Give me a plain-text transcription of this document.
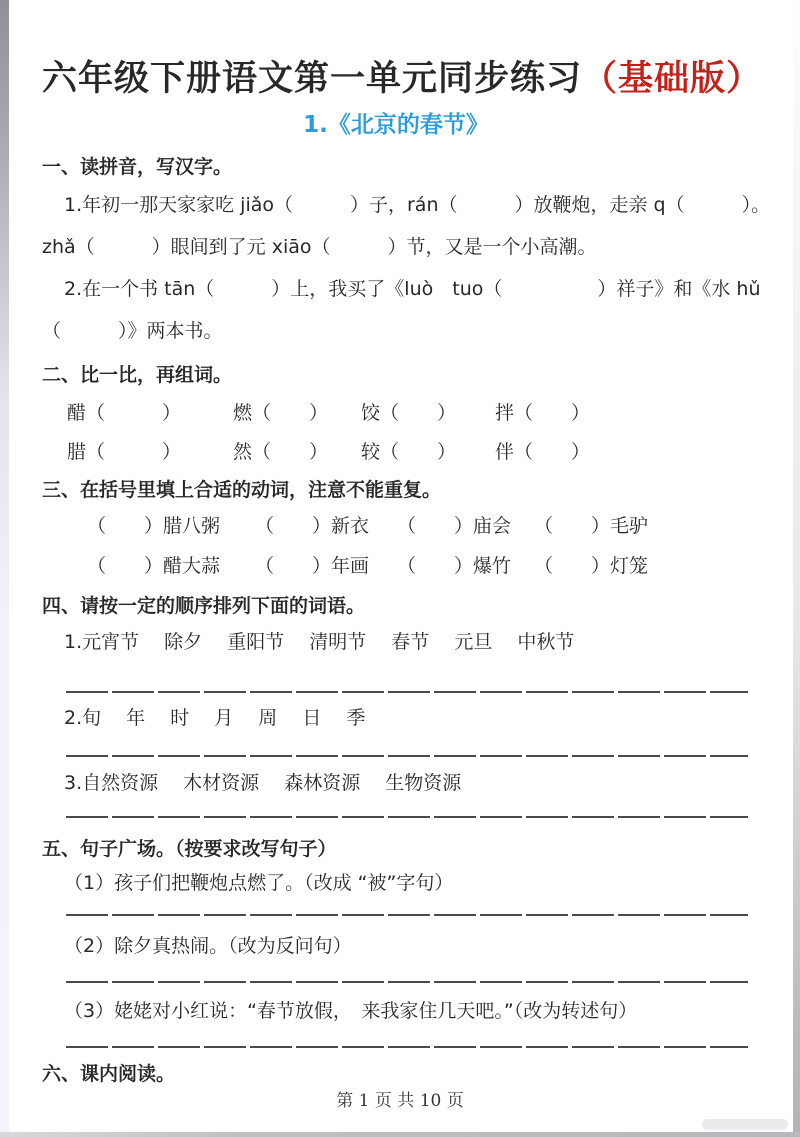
六年级下册语文第一单元同步练习（基础版）
1.《北京的春节》
一、读拼音，写汉字。
1.年初一那天家家吃 jiǎo（　　　）子，rán（　　　）放鞭炮，走亲 q（　　　）。
zhǎ（　　　）眼间到了元 xiāo（　　　）节，又是一个小高潮。
2.在一个书 tān（　　　）上，我买了《luò　tuo（　　　　　）祥子》和《水 hǔ
（　　　）》两本书。
二、比一比，再组词。
醋（　　　）	燃（　　）	饺（　　）	拌（　　）
腊（　　　）	然（　　）	较（　　）	伴（　　）
三、在括号里填上合适的动词，注意不能重复。
（　　）腊八粥	（　　）新衣	（　　）庙会	（　　）毛驴
（　　）醋大蒜	（　　）年画	（　　）爆竹	（　　）灯笼
四、请按一定的顺序排列下面的词语。
1.元宵节　 除夕　 重阳节　 清明节　 春节　 元旦　 中秋节
2.旬　 年　 时　 月　 周　 日　 季
3.自然资源　 木材资源　 森林资源　 生物资源
五、句子广场。（按要求改写句子）
（1）孩子们把鞭炮点燃了。（改成 “被”字句）
（2）除夕真热闹。（改为反问句）
（3）姥姥对小红说：“春节放假，　来我家住几天吧。”（改为转述句）
六、课内阅读。
第 1 页 共 10 页
